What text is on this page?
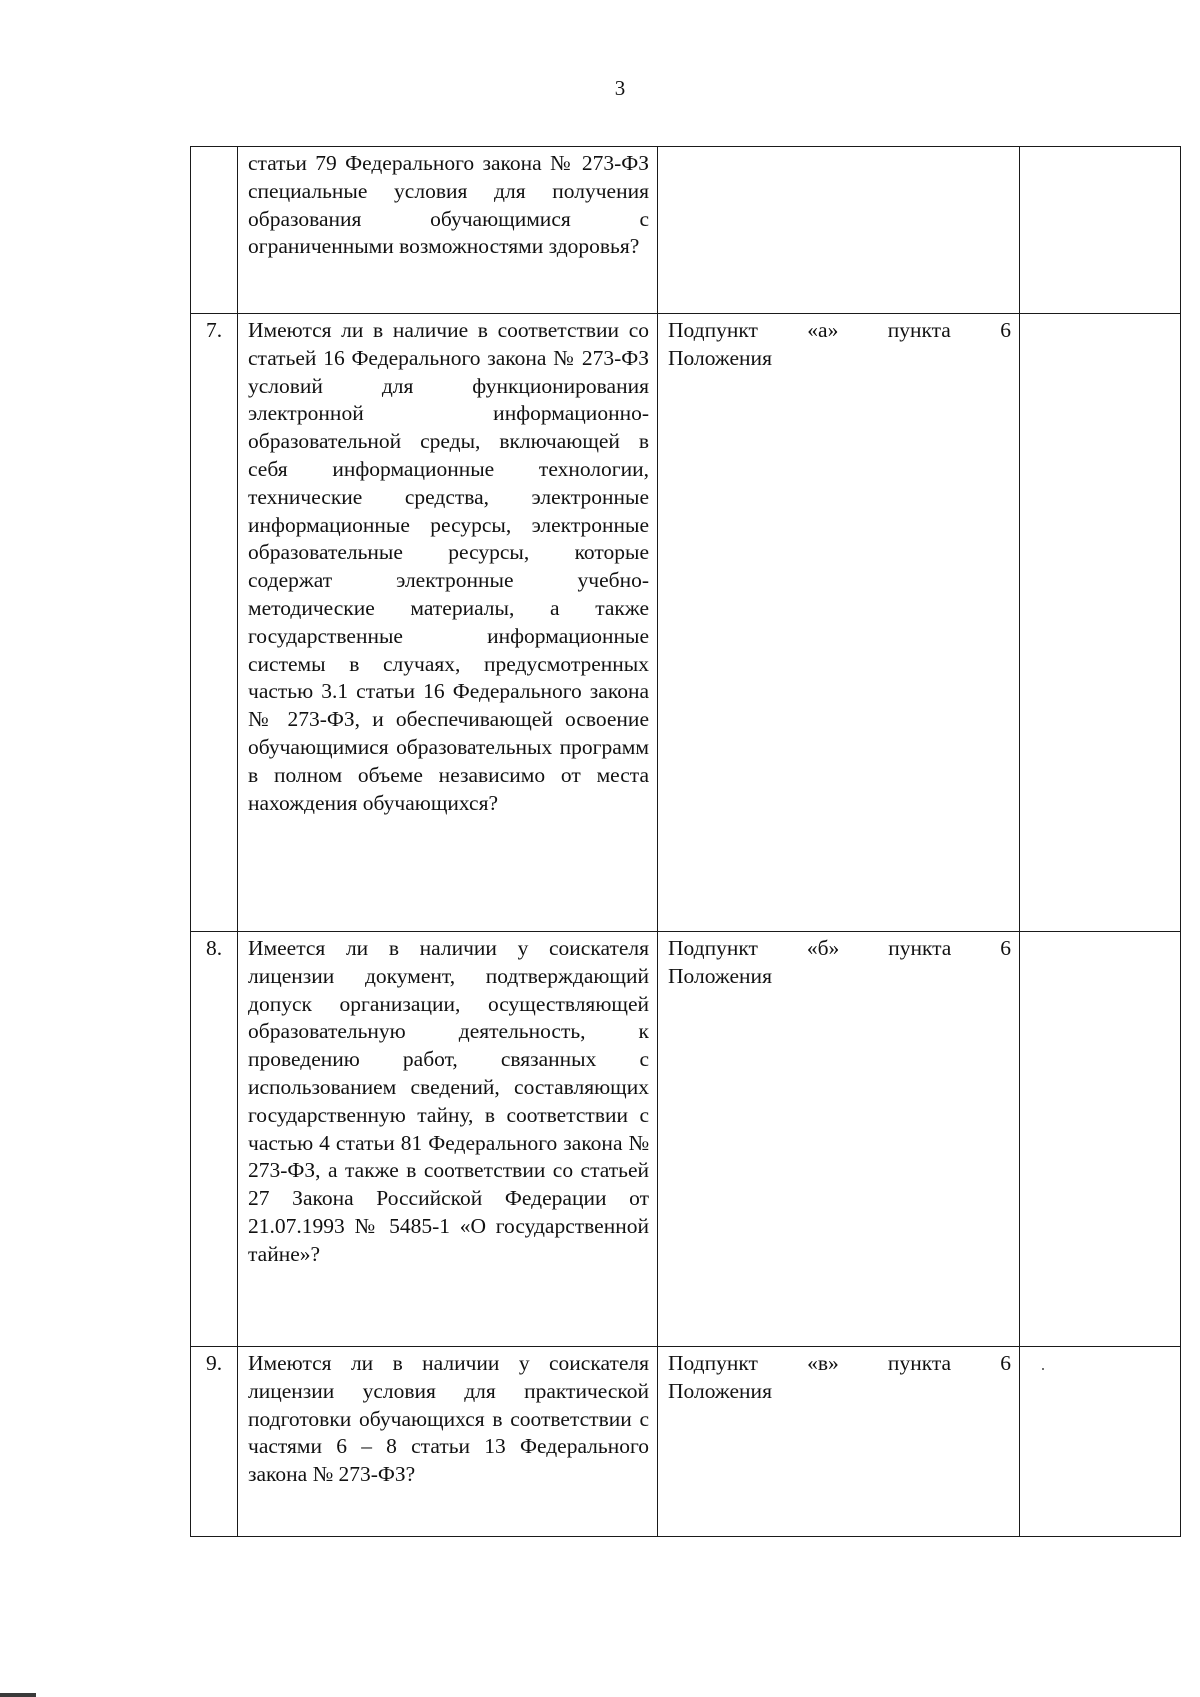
3
	статьи 79 Федерального закона № 273-ФЗ специальные условия для получения образования обучающимися с ограниченными возможностями здоровья?	

7.	Имеются ли в наличие в соответствии со статьей 16 Федерального закона № 273-ФЗ условий для функционирования электронной информационно-образовательной среды, включающей в себя информационные технологии, технические средства, электронные информационные ресурсы, электронные образовательные ресурсы, которые содержат электронные учебно-методические материалы, а также государственные информационные системы в случаях, предусмотренных частью 3.1 статьи 16 Федерального закона № 273-ФЗ, и обеспечивающей освоение обучающимися образовательных программ в полном объеме независимо от места нахождения обучающихся?	Подпункт «а» пункта 6
Положения	

8.	Имеется ли в наличии у соискателя лицензии документ, подтверждающий допуск организации, осуществляющей образовательную деятельность, к проведению работ, связанных с использованием сведений, составляющих государственную тайну, в соответствии с частью 4 статьи 81 Федерального закона № 273-ФЗ, а также в соответствии со статьей 27 Закона Российской Федерации от 21.07.1993 № 5485-1 «О государственной тайне»?	Подпункт «б» пункта 6
Положения	

9.	Имеются ли в наличии у соискателя лицензии условия для практической подготовки обучающихся в соответствии с частями 6 – 8 статьи 13 Федерального закона № 273-ФЗ?	Подпункт «в» пункта 6
Положения	
